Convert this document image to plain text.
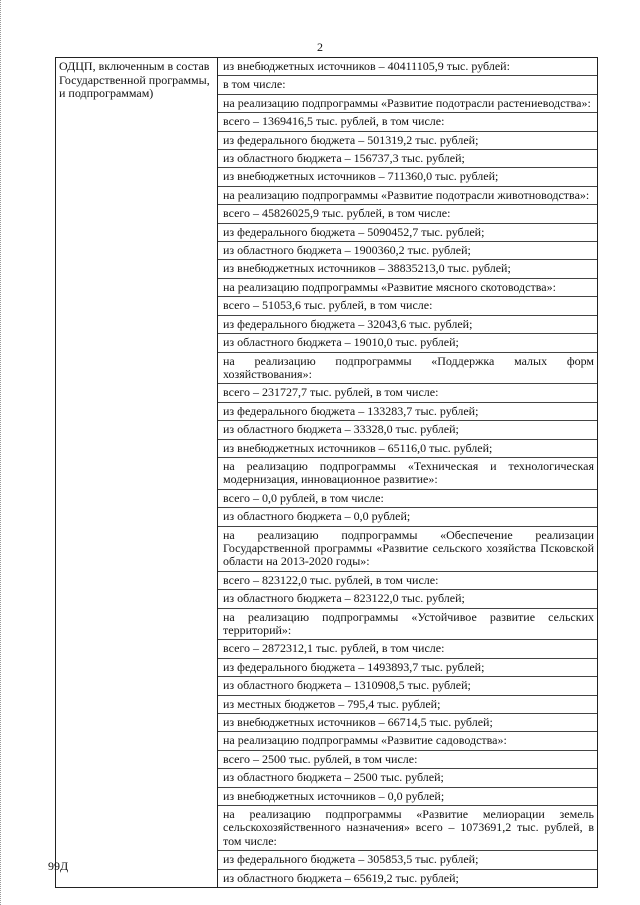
2
ОДЦП, включенным в состав Государственной программы, и подпрограммам)

из внебюджетных источников – 40411105,9 тыс. рублей:
в том числе:
на реализацию подпрограммы «Развитие подотрасли растениеводства»:
всего – 1369416,5 тыс. рублей, в том числе:
из федерального бюджета – 501319,2 тыс. рублей;
из областного бюджета – 156737,3 тыс. рублей;
из внебюджетных источников – 711360,0 тыс. рублей;
на реализацию подпрограммы «Развитие подотрасли животноводства»:
всего – 45826025,9 тыс. рублей, в том числе:
из федерального бюджета – 5090452,7 тыс. рублей;
из областного бюджета – 1900360,2 тыс. рублей;
из внебюджетных источников – 38835213,0 тыс. рублей;
на реализацию подпрограммы «Развитие мясного скотоводства»:
всего – 51053,6 тыс. рублей, в том числе:
из федерального бюджета – 32043,6 тыс. рублей;
из областного бюджета – 19010,0 тыс. рублей;
на реализацию подпрограммы «Поддержка малых форм хозяйствования»:
всего – 231727,7 тыс. рублей, в том числе:
из федерального бюджета – 133283,7 тыс. рублей;
из областного бюджета – 33328,0 тыс. рублей;
из внебюджетных источников – 65116,0 тыс. рублей;
на реализацию подпрограммы «Техническая и технологическая модернизация, инновационное развитие»:
всего – 0,0 рублей, в том числе:
из областного бюджета – 0,0 рублей;
на реализацию подпрограммы «Обеспечение реализации Государственной программы «Развитие сельского хозяйства Псковской области на 2013-2020 годы»:
всего – 823122,0 тыс. рублей, в том числе:
из областного бюджета – 823122,0 тыс. рублей;
на реализацию подпрограммы «Устойчивое развитие сельских территорий»:
всего – 2872312,1 тыс. рублей, в том числе:
из федерального бюджета – 1493893,7 тыс. рублей;
из областного бюджета – 1310908,5 тыс. рублей;
из местных бюджетов – 795,4 тыс. рублей;
из внебюджетных источников – 66714,5 тыс. рублей;
на реализацию подпрограммы «Развитие садоводства»:
всего – 2500 тыс. рублей, в том числе:
из областного бюджета – 2500 тыс. рублей;
из внебюджетных источников – 0,0 рублей;
на реализацию подпрограммы «Развитие мелиорации земель сельскохозяйственного назначения» всего – 1073691,2 тыс. рублей, в том числе:
из федерального бюджета – 305853,5 тыс. рублей;
из областного бюджета – 65619,2 тыс. рублей;
99Д
